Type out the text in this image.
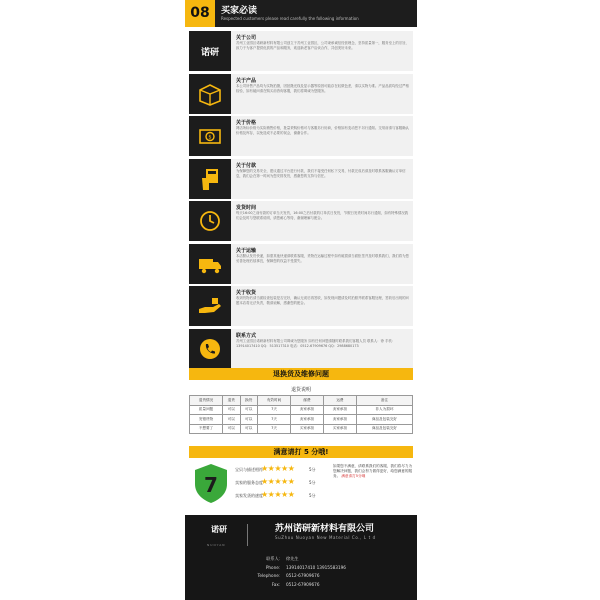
08	买家必读
Respected customers please read carefully the following information
诺研
关于公司
苏州工业园区诺研新材料有限公司创立于苏州工业园区，公司秉承诚信经营理念，坚持质量第一，服务至上的宗旨，致力于为客户提供优质的产品和服务，欢迎新老客户洽谈合作，共创美好未来。
关于产品
本公司所售产品均为实物拍摄，因拍摄光线及显示器等原因可能存在轻微色差，请以实物为准。产品品质均经过严格检验，如有疑问请在购买前咨询客服，我们将竭诚为您服务。
$
关于价格
网店所标价格为实际销售价格，批量采购价格可与客服另行协商，价格如有变动恕不另行通知。交易前请与客服确认价格及库存，以免造成不必要的误会，谢谢合作。
关于付款
为保障您的交易安全，建议通过平台进行付款，我们不接受任何私下交易，付款完成后请及时联系客服确认订单信息，我们会在第一时间为您安排发货，感谢您的支持与信任。
发货时间
每天16:00之前付款的订单当天发货，16:00之后付款的订单次日发货，节假日发货时间另行通知，如有特殊情况我们会及时与您联系说明，请您耐心等待，谢谢理解与配合。
关于运输
本店默认发货快递，如需其他快递请联系客服，货物在运输过程中如有破损请当面拒签并及时联系我们，我们将为您妥善处理后续事宜，保障您的权益不受损失。
关于收货
收到货物后请当面检查包装是否完好，确认无误后再签收，如发现问题请及时拍照并联系客服处理，签收后出现的问题本店将无法负责，敬请谅解，感谢您的配合。
联系方式
苏州工业园区诺研新材料有限公司竭诚为您服务 如有任何问题请随时联系我们客服人员 联系人：徐 手机：13914017410 QQ：513517310 电话：0512-67909676 QQ：2988680173
退换货及维修问题
退货说明
退货情况	退货	换货	有效时间	邮费	运费	备注
质量问题	可以	可以	7天	卖家承担	卖家承担	非人为损坏
发错货物	可以	可以	7天	卖家承担	卖家承担	商品及包装完好
不想要了	可以	可以	7天	买家承担	买家承担	商品及包装完好
满意请打 5 分哦!
7
宝贝与描述相符
★★★★★	5分
卖家的服务态度
★★★★★	5分
卖家发货的速度
★★★★★	5分
如果您不满意，请联系我们的客服，我们将尽力为您解决问题，我们会努力做得更好，给您满意的服务。 满意请打5分哦
诺研
NUOYAN
苏州诺研新材料有限公司
SuZhou Nuoyan New Material Co., L t d
联系人： 徐先生
Phone： 13914017410 13915583196
Telephone： 0512-67909676
Fax： 0512-67909676
